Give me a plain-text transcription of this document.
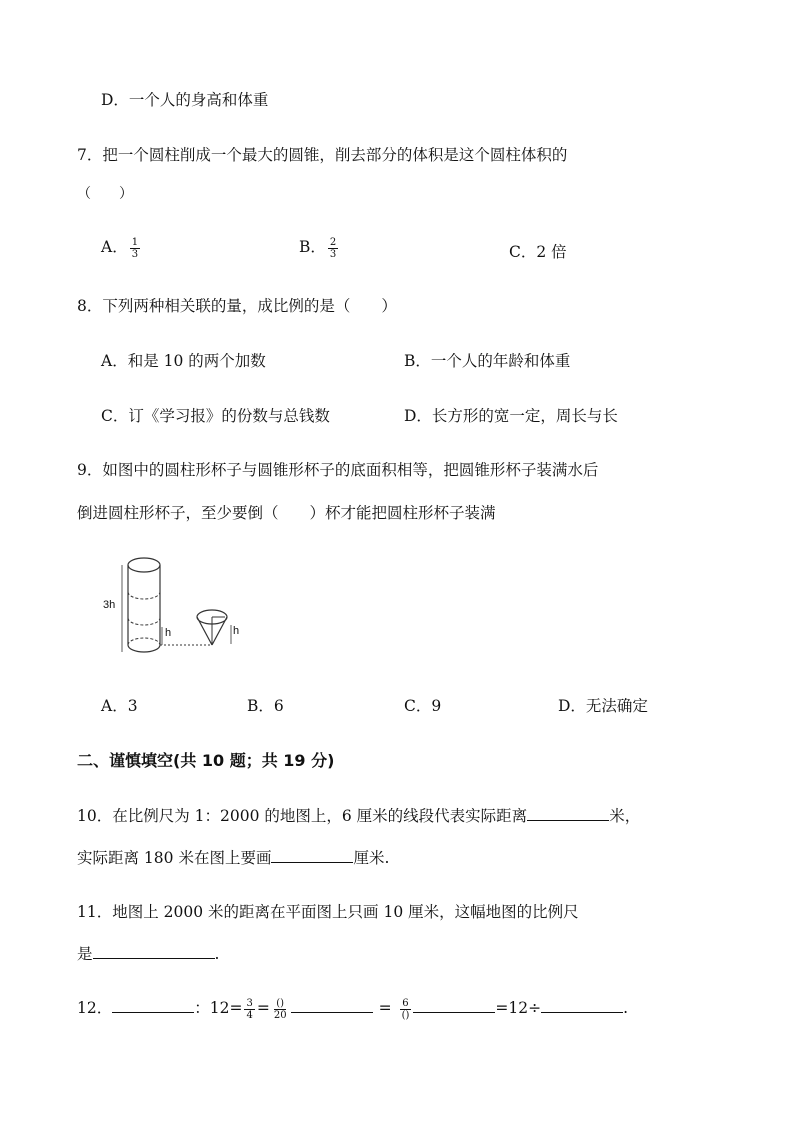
D．一个人的身高和体重
7．把一个圆柱削成一个最大的圆锥，削去部分的体积是这个圆柱体积的
（　　）
A． $\frac{1}{3}$	B． $\frac{2}{3}$	C．2 倍
8．下列两种相关联的量，成比例的是（　　）
A．和是 10 的两个加数	B．一个人的年龄和体重
C．订《学习报》的份数与总钱数	D．长方形的宽一定，周长与长
9．如图中的圆柱形杯子与圆锥形杯子的底面积相等，把圆锥形杯子装满水后
倒进圆柱形杯子，至少要倒（　　）杯才能把圆柱形杯子装满
3h
h	h
A．3	B．6	C．9	D．无法确定
二、谨慎填空(共 10 题；共 19 分)
10．在比例尺为 1：2000 的地图上，6 厘米的线段代表实际距离	米，
实际距离 180 米在图上要画	厘米.
11．地图上 2000 米的距离在平面图上只画 10 厘米，这幅地图的比例尺
是	.
12．	：$12= \frac{3}{4} = \frac{()}{20}$	= $\frac{6}{()}$	=12÷	.
